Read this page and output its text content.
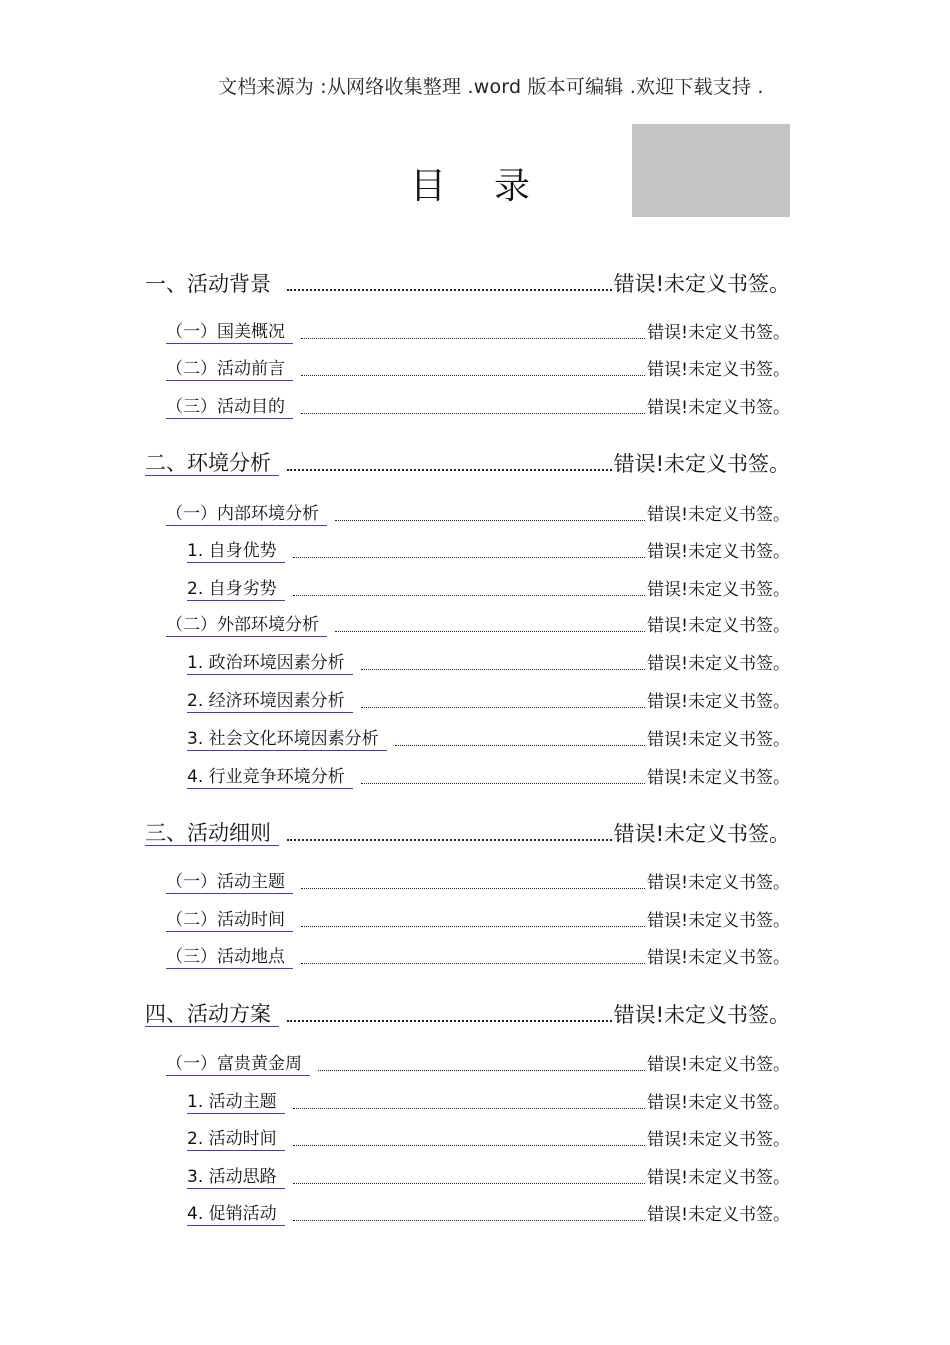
文档来源为 :从网络收集整理 .word 版本可编辑 .欢迎下载支持 .
目录
一、活动背景	错误!未定义书签。
（一）国美概况	错误!未定义书签。
（二）活动前言	错误!未定义书签。
（三）活动目的	错误!未定义书签。
二、环境分析	错误!未定义书签。
（一）内部环境分析	错误!未定义书签。
1. 自身优势	错误!未定义书签。
2. 自身劣势	错误!未定义书签。
（二）外部环境分析	错误!未定义书签。
1. 政治环境因素分析	错误!未定义书签。
2. 经济环境因素分析	错误!未定义书签。
3. 社会文化环境因素分析	错误!未定义书签。
4. 行业竞争环境分析	错误!未定义书签。
三、活动细则	错误!未定义书签。
（一）活动主题	错误!未定义书签。
（二）活动时间	错误!未定义书签。
（三）活动地点	错误!未定义书签。
四、活动方案	错误!未定义书签。
（一）富贵黄金周	错误!未定义书签。
1. 活动主题	错误!未定义书签。
2. 活动时间	错误!未定义书签。
3. 活动思路	错误!未定义书签。
4. 促销活动	错误!未定义书签。
